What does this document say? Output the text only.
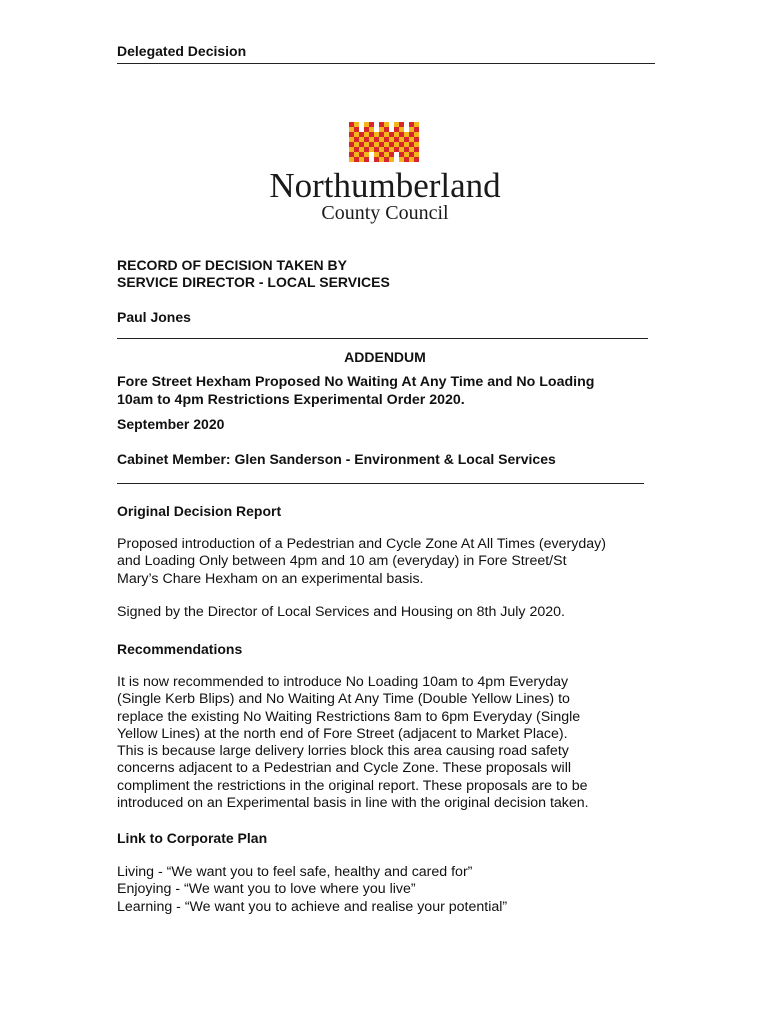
Delegated Decision
Northumberland
County Council
RECORD OF DECISION TAKEN BY
SERVICE DIRECTOR - LOCAL SERVICES
Paul Jones
ADDENDUM
Fore Street Hexham Proposed No Waiting At Any Time and No Loading
10am to 4pm Restrictions Experimental Order 2020.
September 2020
Cabinet Member: Glen Sanderson - Environment & Local Services
Original Decision Report

Proposed introduction of a Pedestrian and Cycle Zone At All Times (everyday)

and Loading Only between 4pm and 10 am (everyday) in Fore Street/St

Mary’s Chare Hexham on an experimental basis.

Signed by the Director of Local Services and Housing on 8th July 2020.
Recommendations

It is now recommended to introduce No Loading 10am to 4pm Everyday

(Single Kerb Blips) and No Waiting At Any Time (Double Yellow Lines) to

replace the existing No Waiting Restrictions 8am to 6pm Everyday (Single

Yellow Lines) at the north end of Fore Street (adjacent to Market Place).

This is because large delivery lorries block this area causing road safety

concerns adjacent to a Pedestrian and Cycle Zone. These proposals will

compliment the restrictions in the original report. These proposals are to be

introduced on an Experimental basis in line with the original decision taken.

Link to Corporate Plan

Living - “We want you to feel safe, healthy and cared for”

Enjoying - “We want you to love where you live”

Learning - “We want you to achieve and realise your potential”
